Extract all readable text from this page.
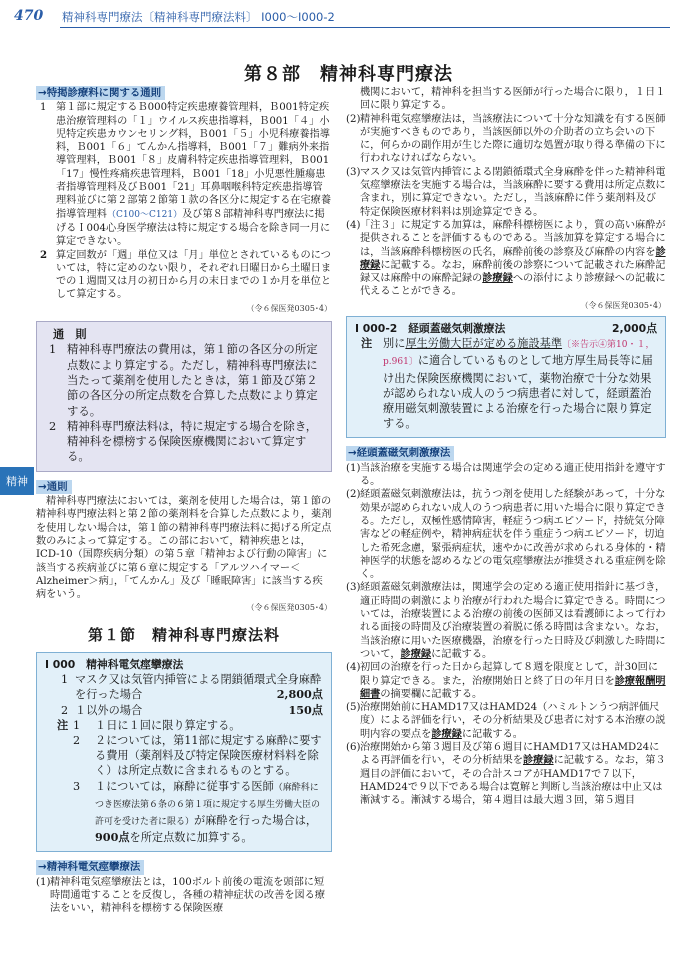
470 精神科専門療法〔精神科専門療法料〕 I000～I000-2
精神
第８部　精神科専門療法
→特掲診療料に関する通則
1 第１部に規定するＢ000特定疾患療養管理料，Ｂ001特定疾患治療管理料の「１」ウイルス疾患指導料，Ｂ001「４」小児特定疾患カウンセリング料，Ｂ001「５」小児科療養指導料，Ｂ001「６」てんかん指導料，Ｂ001「７」難病外来指導管理料，Ｂ001「８」皮膚科特定疾患指導管理料，Ｂ001「17」慢性疼痛疾患管理料，Ｂ001「18」小児悪性腫瘍患者指導管理料及びＢ001「21」耳鼻咽喉科特定疾患指導管理料並びに第２部第２節第１款の各区分に規定する在宅療養指導管理料（C100～C121）及び第８部精神科専門療法に掲げるＩ004心身医学療法は特に規定する場合を除き同一月に算定できない。
2 算定回数が「週」単位又は「月」単位とされているものについては，特に定めのない限り，それぞれ日曜日から土曜日までの１週間又は月の初日から月の末日までの１か月を単位として算定する。
（令６保医発0305･4）
通　則
1 精神科専門療法の費用は，第１節の各区分の所定点数により算定する。ただし，精神科専門療法に当たって薬剤を使用したときは，第１節及び第２節の各区分の所定点数を合算した点数により算定する。
2 精神科専門療法料は，特に規定する場合を除き，精神科を標榜する保険医療機関において算定する。
→通則

精神科専門療法においては，薬剤を使用した場合は，第１節の精神科専門療法料と第２節の薬剤料を合算した点数により，薬剤を使用しない場合は，第１節の精神科専門療法料に掲げる所定点数のみによって算定する。この部において，精神疾患とは，ICD-10（国際疾病分類）の第５章「精神および行動の障害」に該当する疾病並びに第６章に規定する「アルツハイマー＜Alzheimer＞病」，「てんかん」及び「睡眠障害」に該当する疾病をいう。

（令６保医発0305･4）
第１節　精神科専門療法料
I 000　精神科電気痙攣療法
1 マスク又は気管内挿管による閉鎖循環式全身麻酔を行った場合	2,800点
2 １以外の場合	150点
注 1 １日に１回に限り算定する。
2 ２については，第11部に規定する麻酔に要する費用（薬剤料及び特定保険医療材料料を除く）は所定点数に含まれるものとする。
3 １については，麻酔に従事する医師（麻酔科につき医療法第６条の６第１項に規定する厚生労働大臣の許可を受けた者に限る）が麻酔を行った場合は，900点を所定点数に加算する。
→精神科電気痙攣療法
(1) 精神科電気痙攣療法とは，100ボルト前後の電流を頭部に短時間通電することを反復し，各種の精神症状の改善を図る療法をいい，精神科を標榜する保険医療

機関において，精神科を担当する医師が行った場合に限り，１日１回に限り算定する。

(2) 精神科電気痙攣療法は，当該療法について十分な知識を有する医師が実施すべきものであり，当該医師以外の介助者の立ち会いの下に，何らかの副作用が生じた際に適切な処置が取り得る準備の下に行われなければならない。
(3) マスク又は気管内挿管による閉鎖循環式全身麻酔を伴った精神科電気痙攣療法を実施する場合は，当該麻酔に要する費用は所定点数に含まれ，別に算定できない。ただし，当該麻酔に伴う薬剤料及び特定保険医療材料料は別途算定できる。
(4) 「注３」に規定する加算は，麻酔科標榜医により，質の高い麻酔が提供されることを評価するものである。当該加算を算定する場合には，当該麻酔科標榜医の氏名，麻酔前後の診察及び麻酔の内容を診療録に記載する。なお，麻酔前後の診察について記載された麻酔記録又は麻酔中の麻酔記録の診療録への添付により診療録への記載に代えることができる。
（令６保医発0305･4）
I 000-2　経頭蓋磁気刺激療法	2,000点
注 別に厚生労働大臣が定める施設基準〔※告示④第10・１，p.961〕に適合しているものとして地方厚生局長等に届け出た保険医療機関において，薬物治療で十分な効果が認められない成人のうつ病患者に対して，経頭蓋治療用磁気刺激装置による治療を行った場合に限り算定する。
→経頭蓋磁気刺激療法
(1) 当該治療を実施する場合は関連学会の定める適正使用指針を遵守する。
(2) 経頭蓋磁気刺激療法は，抗うつ剤を使用した経験があって，十分な効果が認められない成人のうつ病患者に用いた場合に限り算定できる。ただし，双極性感情障害，軽症うつ病エピソード，持続気分障害などの軽症例や，精神病症状を伴う重症うつ病エピソード，切迫した希死念慮，緊張病症状，速やかに改善が求められる身体的・精神医学的状態を認めるなどの電気痙攣療法が推奨される重症例を除く。
(3) 経頭蓋磁気刺激療法は，関連学会の定める適正使用指針に基づき，適正時間の刺激により治療が行われた場合に算定できる。時間については，治療装置による治療の前後の医師又は看護師によって行われる面接の時間及び治療装置の着脱に係る時間は含まない。なお，当該治療に用いた医療機器，治療を行った日時及び刺激した時間について，診療録に記載する。
(4) 初回の治療を行った日から起算して８週を限度として，計30回に限り算定できる。また，治療開始日と終了日の年月日を診療報酬明細書の摘要欄に記載する。
(5) 治療開始前にHAMD17又はHAMD24（ハミルトンうつ病評価尺度）による評価を行い，その分析結果及び患者に対する本治療の説明内容の要点を診療録に記載する。
(6) 治療開始から第３週目及び第６週目にHAMD17又はHAMD24による再評価を行い，その分析結果を診療録に記載する。なお，第３週目の評価において，その合計スコアがHAMD17で７以下，HAMD24で９以下である場合は寛解と判断し当該治療は中止又は漸減する。漸減する場合，第４週目は最大週３回，第５週目
